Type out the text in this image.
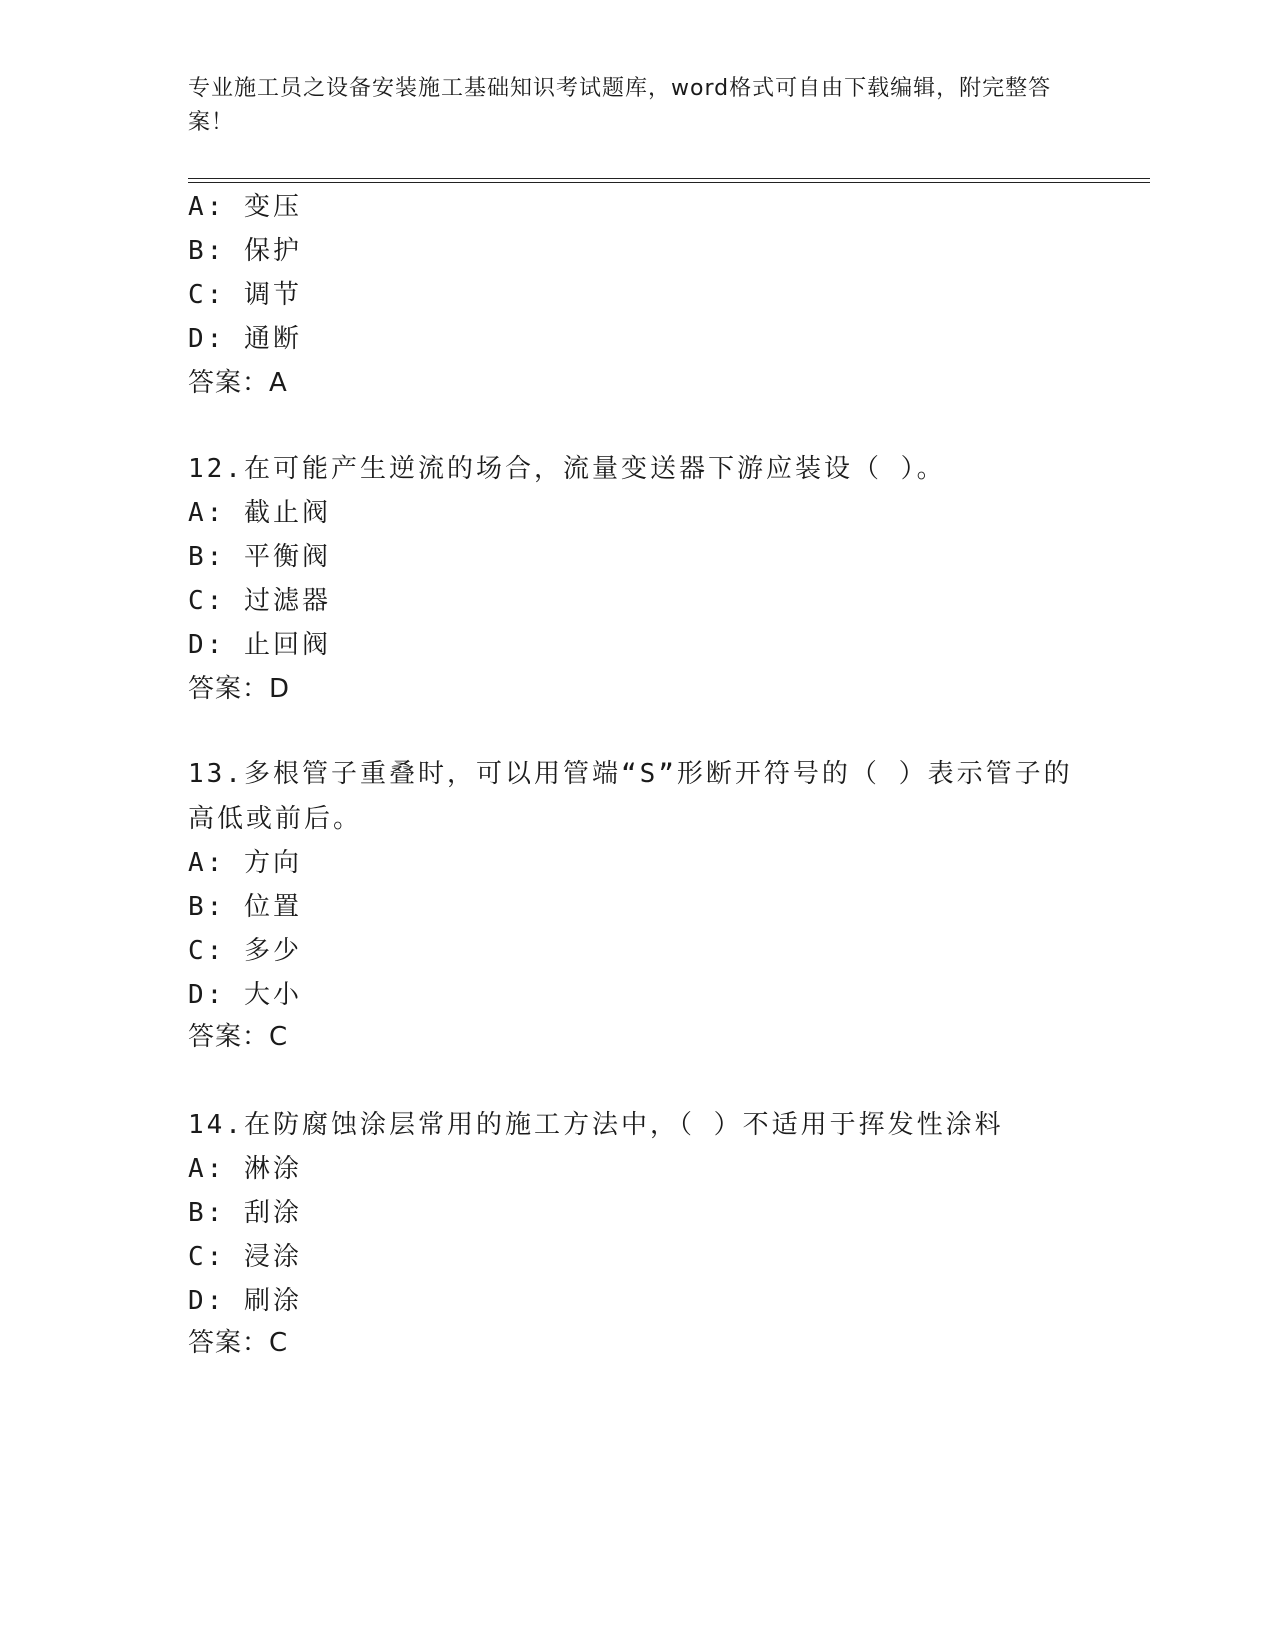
专业施工员之设备安装施工基础知识考试题库，word格式可自由下载编辑，附完整答案！
A: 变压
B: 保护
C: 调节
D: 通断
答案：A
12.在可能产生逆流的场合，流量变送器下游应装设（ ）。
A: 截止阀
B: 平衡阀
C: 过滤器
D: 止回阀
答案：D
13.多根管子重叠时，可以用管端“S”形断开符号的（ ）表示管子的高低或前后。
A: 方向
B: 位置
C: 多少
D: 大小
答案：C
14.在防腐蚀涂层常用的施工方法中，（ ）不适用于挥发性涂料
A: 淋涂
B: 刮涂
C: 浸涂
D: 刷涂
答案：C
